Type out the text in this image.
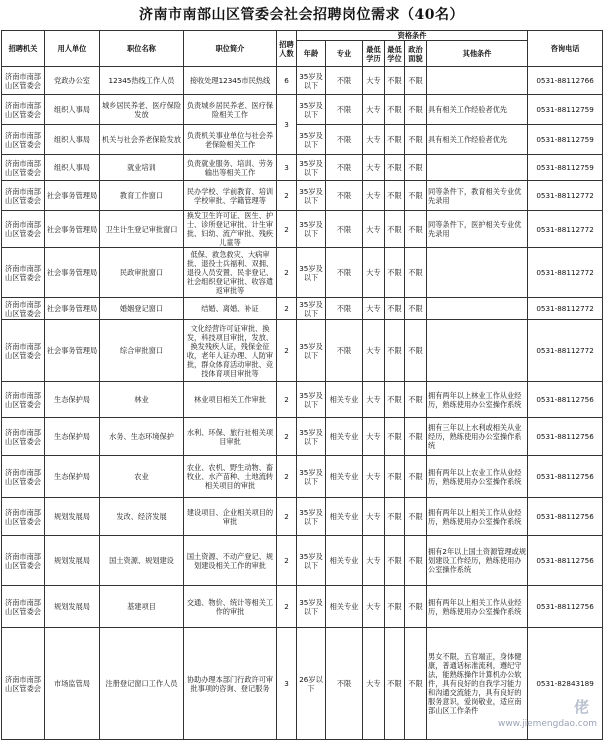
济南市南部山区管委会社会招聘岗位需求（40名）
招聘机关	用人单位	职位名称	职位简介	招聘人数	资格条件						咨询电话
					年龄	专业	最低学历	最低学位	政治面貌	其他条件	
济南市南部山区管委会	党政办公室	12345热线工作人员	接收处理12345市民热线	6	35岁及以下	不限	大专	不限	不限		0531-88112766
济南市南部山区管委会	组织人事局	城乡居民养老、医疗保险发放	负责城乡居民养老、医疗保险相关工作	3	35岁及以下	不限	大专	不限	不限	具有相关工作经验者优先	0531-88112759
济南市南部山区管委会	组织人事局	机关与社会养老保险发放	负责机关事业单位与社会养老保险相关工作		35岁及以下	不限	大专	不限	不限	具有相关工作经验者优先	0531-88112759
济南市南部山区管委会	组织人事局	就业培训	负责就业服务、培训、劳务输出等相关工作	3	35岁及以下	不限	大专	不限	不限		0531-88112759
济南市南部山区管委会	社会事务管理局	教育工作窗口	民办学校、学前教育、培训学校审批、学籍管理等	2	35岁及以下	不限	大专	不限	不限	同等条件下，教育相关专业优先录用	0531-88112772
济南市南部山区管委会	社会事务管理局	卫生计生登记审批窗口	换发卫生许可证、医生、护士、诊所登记审批、计生审批、妇幼、流产审批、残疾儿童等	2	35岁及以下	不限	大专	不限	不限	同等条件下，医护相关专业优先录用	0531-88112772
济南市南部山区管委会	社会事务管理局	民政审批窗口	低保、救急救灾、大病审批、退役士兵福利、双拥、退役人员安置、民非登记、社会组织登记审批、收容遣返审批等	2	35岁及以下	不限	大专	不限	不限		0531-88112772
济南市南部山区管委会	社会事务管理局	婚姻登记窗口	结婚、离婚、补证	2	35岁及以下	不限	大专	不限	不限		0531-88112772
济南市南部山区管委会	社会事务管理局	综合审批窗口	文化经营许可证审批、换发，科技项目审批，发放、换发残疾人证，残保金征收，老年人证办理、人防审批，群众体育活动审批、竞技体育项目审批等	2	35岁及以下	不限	大专	不限	不限		0531-88112772
济南市南部山区管委会	生态保护局	林业	林业项目相关工作审批	2	35岁及以下	相关专业	大专	不限	不限	拥有两年以上林业工作从业经历，熟练使用办公室操作系统	0531-88112756
济南市南部山区管委会	生态保护局	水务、生态环境保护	水利、环保、旅行社相关项目审批	2	35岁及以下	相关专业	大专	不限	不限	拥有三年以上水利或相关从业经历，熟练使用办公室操作系统	0531-88112756
济南市南部山区管委会	生态保护局	农业	农业、农机、野生动物、畜牧业、水产苗种、土地流转相关项目的审批	2	35岁及以下	相关专业	大专	不限	不限	拥有两年以上农业工作从业经历，熟练使用办公室操作系统	0531-88112756
济南市南部山区管委会	规划发展局	发改、经济发展	建设项目、企业相关项目的审批	2	35岁及以下	相关专业	大专	不限	不限	拥有两年以上相关工作从业经历，熟练使用办公室操作系统	0531-88112756
济南市南部山区管委会	规划发展局	国土资源、规划建设	国土资源、不动产登记、规划建设相关工作的审批	2	35岁及以下	相关专业	大专	不限	不限	拥有2年以上国土资源管理或规划建设工作经历，熟练使用办公室操作系统	0531-88112756
济南市南部山区管委会	规划发展局	基建项目	交通、物价、统计等相关工作的审批	2	35岁及以下	相关专业	大专	不限	不限	拥有两年以上相关工作从业经历，熟练使用办公室操作系统	0531-88112756
济南市南部山区管委会	市场监管局	注册登记窗口工作人员	协助办理本部门行政许可审批事项的咨询、登记服务	3	26岁以下	不限	大专	不限	不限	男女不限，五官端正，身体健康，普通话标准流利，遵纪守法，能熟练操作计算机办公软件，具有良好的自我学习能力和沟通交流能力，具有良好的服务意识，爱岗敬业，适应南部山区工作条件	0531-82843189
佬
www.jiemengdao.com
